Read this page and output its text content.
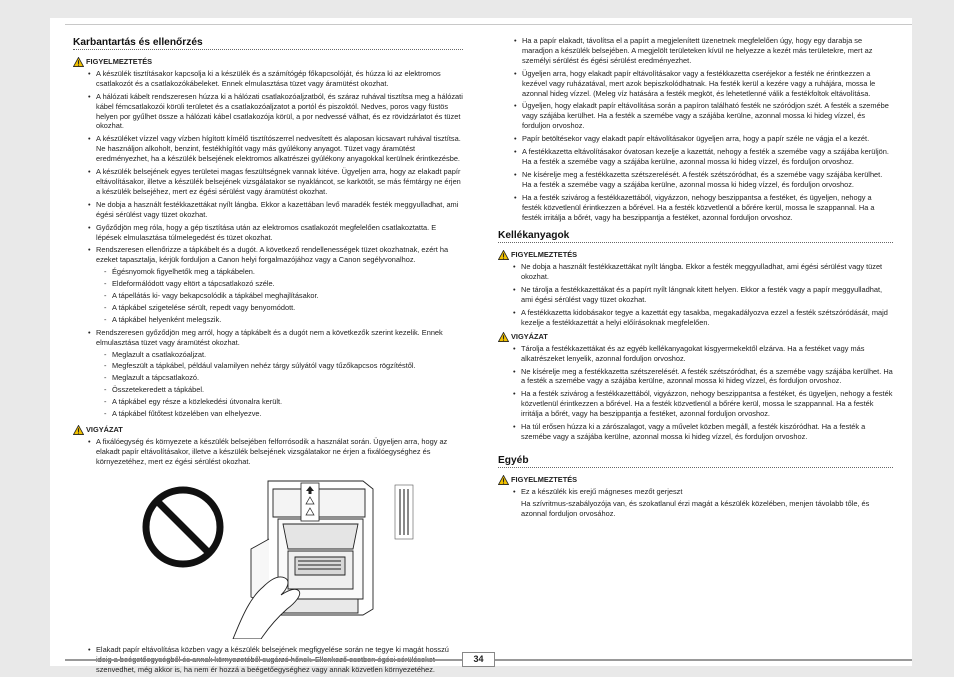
Karbantartás és ellenőrzés
FIGYELMEZTETÉS
• A készülék tisztításakor kapcsolja ki a készülék és a számítógép főkapcsolóját, és húzza ki az elektromos csatlakozót és a csatlakozókábeleket. Ennek elmulasztása tüzet vagy áramütést okozhat.
• A hálózati kábelt rendszeresen húzza ki a hálózati csatlakozóaljzatból, és száraz ruhával tisztítsa meg a hálózati kábel fémcsatlakozói körüli területet és a csatlakozóaljzatot a portól és piszoktól. Nedves, poros vagy füstös helyen por gyűlhet össze a hálózati kábel csatlakozója körül, a por nedvessé válhat, és ez rövidzárlatot és tüzet okozhat.
• A készüléket vízzel vagy vízben hígított kímélő tisztítószerrel nedvesített és alaposan kicsavart ruhával tisztítsa. Ne használjon alkoholt, benzint, festékhígítót vagy más gyúlékony anyagot. Tüzet vagy áramütést eredményezhet, ha a készülék belsejének elektromos alkatrészei gyúlékony anyagokkal kerülnek érintkezésbe.
• A készülék belsejének egyes területei magas feszültségnek vannak kitéve. Ügyeljen arra, hogy az elakadt papír eltávolításakor, illetve a készülék belsejének vizsgálatakor se nyakláncot, se karkötőt, se más fémtárgy ne érjen a készülék belsejéhez, mert ez égési sérülést vagy áramütést okozhat.
• Ne dobja a használt festékkazettákat nyílt lángba. Ekkor a kazettában levő maradék festék meggyulladhat, ami égési sérülést vagy tüzet okozhat.
• Győződjön meg róla, hogy a gép tisztítása után az elektromos csatlakozót megfelelően csatlakoztatta. E lépések elmulasztása túlmelegedést és tüzet okozhat.
• Rendszeresen ellenőrizze a tápkábelt és a dugót. A következő rendellenességek tüzet okozhatnak, ezért ha ezeket tapasztalja, kérjük forduljon a Canon helyi forgalmazójához vagy a Canon segélyvonalhoz.
- Égésnyomok figyelhetők meg a tápkábelen.
- Eldeformálódott vagy eltört a tápcsatlakozó széle.
- A tápellátás ki- vagy bekapcsolódik a tápkábel meghajlításakor.
- A tápkábel szigetelése sérült, repedt vagy benyomódott.
- A tápkábel helyenként melegszik.
• Rendszeresen győződjön meg arról, hogy a tápkábelt és a dugót nem a következők szerint kezelik. Ennek elmulasztása tüzet vagy áramütést okozhat.
- Meglazult a csatlakozóaljzat.
- Megfeszült a tápkábel, például valamilyen nehéz tárgy súlyától vagy tűzőkapcsos rögzítéstől.
- Meglazult a tápcsatlakozó.
- Összetekeredett a tápkábel.
- A tápkábel egy része a közlekedési útvonalra került.
- A tápkábel fűtőtest közelében van elhelyezve.
VIGYÁZAT
• A fixálóegység és környezete a készülék belsejében felforrósodik a használat során. Ügyeljen arra, hogy az elakadt papír eltávolításakor, illetve a készülék belsejének vizsgálatakor ne érjen a fixálóegységhez és környezetéhez, mert ez égési sérülést okozhat.
• Elakadt papír eltávolítása közben vagy a készülék belsejének megfigyelése során ne tegye ki magát hosszú szenvedhet, még akkor is, ha nem ér hozzá a beégetőegységhez vagy annak közvetlen környezetéhez.
• Ha a papír elakadt, távolítsa el a papírt a megjelenített üzenetnek megfelelően úgy, hogy egy darabja se maradjon a készülék belsejében. A megjelölt területeken kívül ne helyezze a kezét más területekre, mert az személyi sérülést és égési sérülést eredményezhet.
• Ügyeljen arra, hogy elakadt papír eltávolításakor vagy a festékkazetta cseréjekor a festék ne érintkezzen a kezével vagy ruházatával, mert azok bepiszkolódhatnak. Ha festék kerül a kezére vagy a ruhájára, mossa le azonnal hideg vízzel. (Meleg víz hatására a festék megköt, és lehetetlenné válik a festékfoltok eltávolítása.
• Ügyeljen, hogy elakadt papír eltávolítása során a papíron található festék ne szóródjon szét. A festék a szemébe vagy szájába kerülhet. Ha a festék a szemébe vagy a szájába kerülne, azonnal mossa ki hideg vízzel, és forduljon orvoshoz.
• Papír betöltésekor vagy elakadt papír eltávolításakor ügyeljen arra, hogy a papír széle ne vágja el a kezét.
• A festékkazetta eltávolításakor óvatosan kezelje a kazettát, nehogy a festék a szemébe vagy a szájába kerüljön. Ha a festék a szemébe vagy a szájába kerülne, azonnal mossa ki hideg vízzel, és forduljon orvoshoz.
• Ne kísérelje meg a festékkazetta szétszerelését. A festék szétszóródhat, és a szemébe vagy szájába kerülhet. Ha a festék a szemébe vagy a szájába kerülne, azonnal mossa ki hideg vízzel, és forduljon orvoshoz.
• Ha a festék szivárog a festékkazettából, vigyázzon, nehogy beszippantsa a festéket, és ügyeljen, nehogy a festék közvetlenül érintkezzen a bőrével. Ha a festék közvetlenül a bőrére kerül, mossa le szappannal. Ha a festék irritálja a bőrét, vagy ha beszippantja a festéket, azonnal forduljon orvoshoz.
Kellékanyagok
FIGYELMEZTETÉS
• Ne dobja a használt festékkazettákat nyílt lángba. Ekkor a festék meggyulladhat, ami égési sérülést vagy tüzet okozhat.
• Ne tárolja a festékkazettákat és a papírt nyílt lángnak kitett helyen. Ekkor a festék vagy a papír meggyulladhat, ami égési sérülést vagy tüzet okozhat.
• A festékkazetta kidobásakor tegye a kazettát egy tasakba, megakadályozva ezzel a festék szétszóródását, majd kezelje a festékkazettát a helyi előírásoknak megfelelően.
VIGYÁZAT
• Tárolja a festékkazettákat és az egyéb kellékanyagokat kisgyermekektől elzárva. Ha a festéket vagy más alkatrészeket lenyelik, azonnal forduljon orvoshoz.
• Ne kísérelje meg a festékkazetta szétszerelését. A festék szétszóródhat, és a szemébe vagy szájába kerülhet. Ha a festék a szemébe vagy a szájába kerülne, azonnal mossa ki hideg vízzel, és forduljon orvoshoz.
• Ha a festék szivárog a festékkazettából, vigyázzon, nehogy beszippantsa a festéket, és ügyeljen, nehogy a festék közvetlenül érintkezzen a bőrével. Ha a festék közvetlenül a bőrére kerül, mossa le szappannal. Ha a festék irritálja a bőrét, vagy ha beszippantja a festéket, azonnal forduljon orvoshoz.
• Ha túl erősen húzza ki a zárószalagot, vagy a művelet közben megáll, a festék kiszóródhat. Ha a festék a szemébe vagy a szájába kerülne, azonnal mossa ki hideg vízzel, és forduljon orvoshoz.
Egyéb
FIGYELMEZTETÉS
• Ez a készülék kis erejű mágneses mezőt gerjeszt
Ha szívritmus-szabályozója van, és szokatlanul érzi magát a készülék közelében, menjen távolabb tőle, és azonnal forduljon orvosához.
34
